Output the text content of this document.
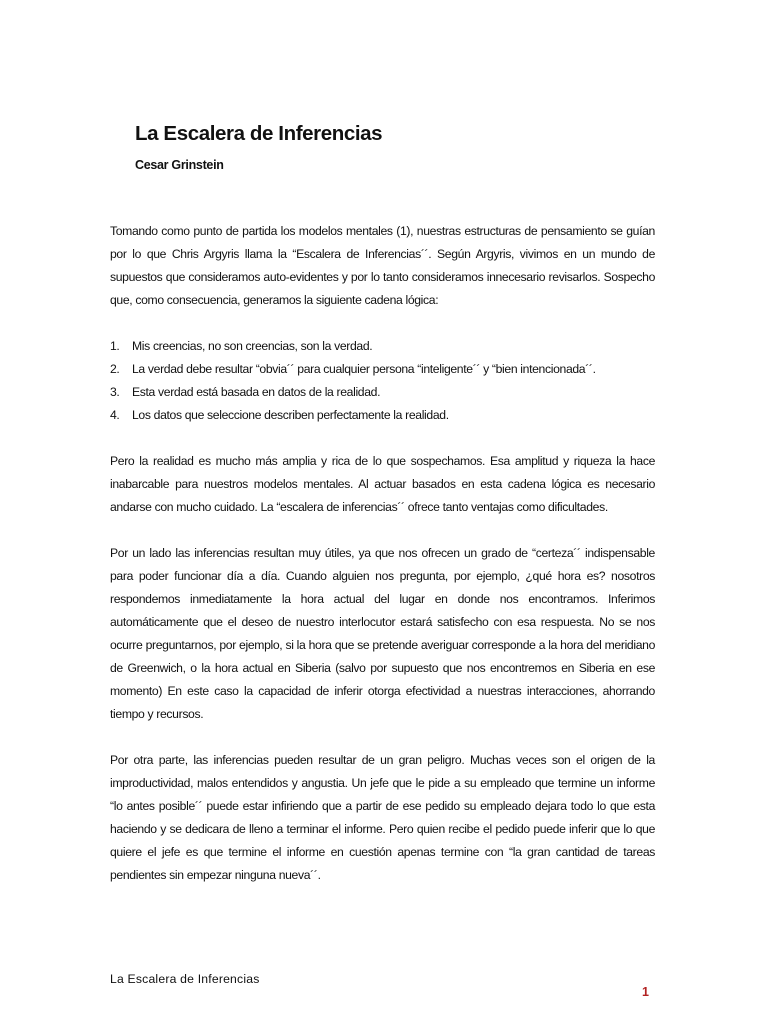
La Escalera de Inferencias
Cesar Grinstein

Tomando como punto de partida los modelos mentales (1), nuestras estructuras de pensamiento se guían por lo que Chris Argyris llama la “Escalera de Inferencias´´. Según Argyris, vivimos en un mundo de supuestos que consideramos auto-evidentes y por lo tanto consideramos innecesario revisarlos. Sospecho que, como consecuencia, generamos la siguiente cadena lógica:

1. Mis creencias, no son creencias, son la verdad.
2. La verdad debe resultar “obvia´´ para cualquier persona “inteligente´´ y “bien intencionada´´.
3. Esta verdad está basada en datos de la realidad.
4. Los datos que seleccione describen perfectamente la realidad.

Pero la realidad es mucho más amplia y rica de lo que sospechamos. Esa amplitud y riqueza la hace inabarcable para nuestros modelos mentales. Al actuar basados en esta cadena lógica es necesario andarse con mucho cuidado. La “escalera de inferencias´´ ofrece tanto ventajas como dificultades.

Por un lado las inferencias resultan muy útiles, ya que nos ofrecen un grado de “certeza´´ indispensable para poder funcionar día a día. Cuando alguien nos pregunta, por ejemplo, ¿qué hora es? nosotros respondemos inmediatamente la hora actual del lugar en donde nos encontramos. Inferimos automáticamente que el deseo de nuestro interlocutor estará satisfecho con esa respuesta. No se nos ocurre preguntarnos, por ejemplo, si la hora que se pretende averiguar corresponde a la hora del meridiano de Greenwich, o la hora actual en Siberia (salvo por supuesto que nos encontremos en Siberia en ese momento) En este caso la capacidad de inferir otorga efectividad a nuestras interacciones, ahorrando tiempo y recursos.

Por otra parte, las inferencias pueden resultar de un gran peligro. Muchas veces son el origen de la improductividad, malos entendidos y angustia. Un jefe que le pide a su empleado que termine un informe “lo antes posible´´ puede estar infiriendo que a partir de ese pedido su empleado dejara todo lo que esta haciendo y se dedicara de lleno a terminar el informe. Pero quien recibe el pedido puede inferir que lo que quiere el jefe es que termine el informe en cuestión apenas termine con “la gran cantidad de tareas pendientes sin empezar ninguna nueva´´.

La Escalera de Inferencias
1
